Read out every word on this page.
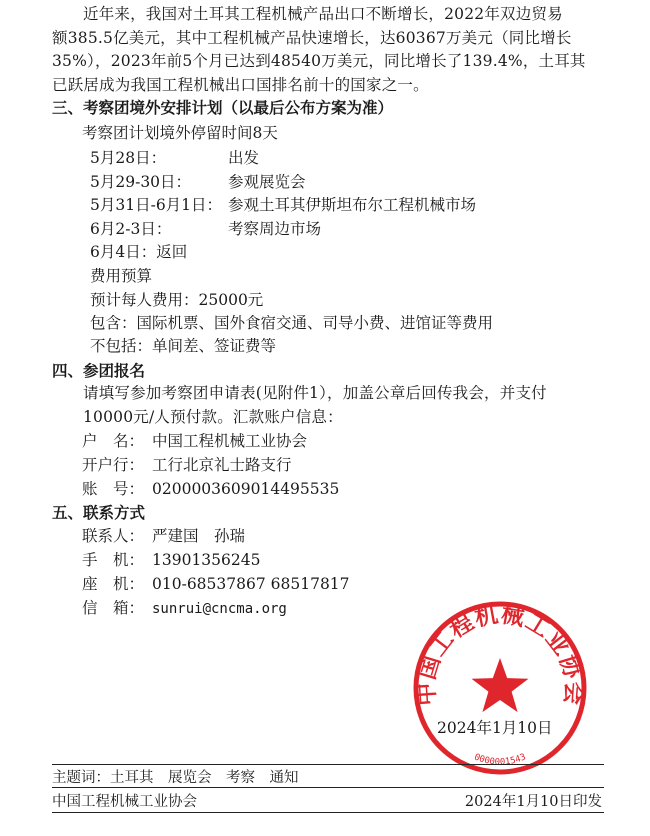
近年来，我国对土耳其工程机械产品出口不断增长，2022年双边贸易
额385.5亿美元，其中工程机械产品快速增长，达60367万美元（同比增长
35%），2023年前5个月已达到48540万美元，同比增长了139.4%，土耳其
已跃居成为我国工程机械出口国排名前十的国家之一。
三、考察团境外安排计划（以最后公布方案为准）
考察团计划境外停留时间8天
5月28日：	出发
5月29-30日： 参观展览会
5月31日-6月1日： 参观土耳其伊斯坦布尔工程机械市场
6月2-3日：	考察周边市场
6月4日：返回
费用预算
预计每人费用：25000元
包含：国际机票、国外食宿交通、司导小费、进馆证等费用
不包括：单间差、签证费等
四、参团报名
请填写参加考察团申请表(见附件1），加盖公章后回传我会，并支付
10000元/人预付款。汇款账户信息：
户　名： 中国工程机械工业协会
开户行： 工行北京礼士路支行
账　号： 0200003609014495535
五、联系方式
联系人： 严建国　孙瑞
手　机： 13901356245
座　机： 010-68537867 68517817
信　箱： sunrui@cncma.org
中国工程机械工业协会
0000001543
2024年1月10日
主题词：土耳其　展览会　考察　通知
中国工程机械工业协会	2024年1月10日印发
